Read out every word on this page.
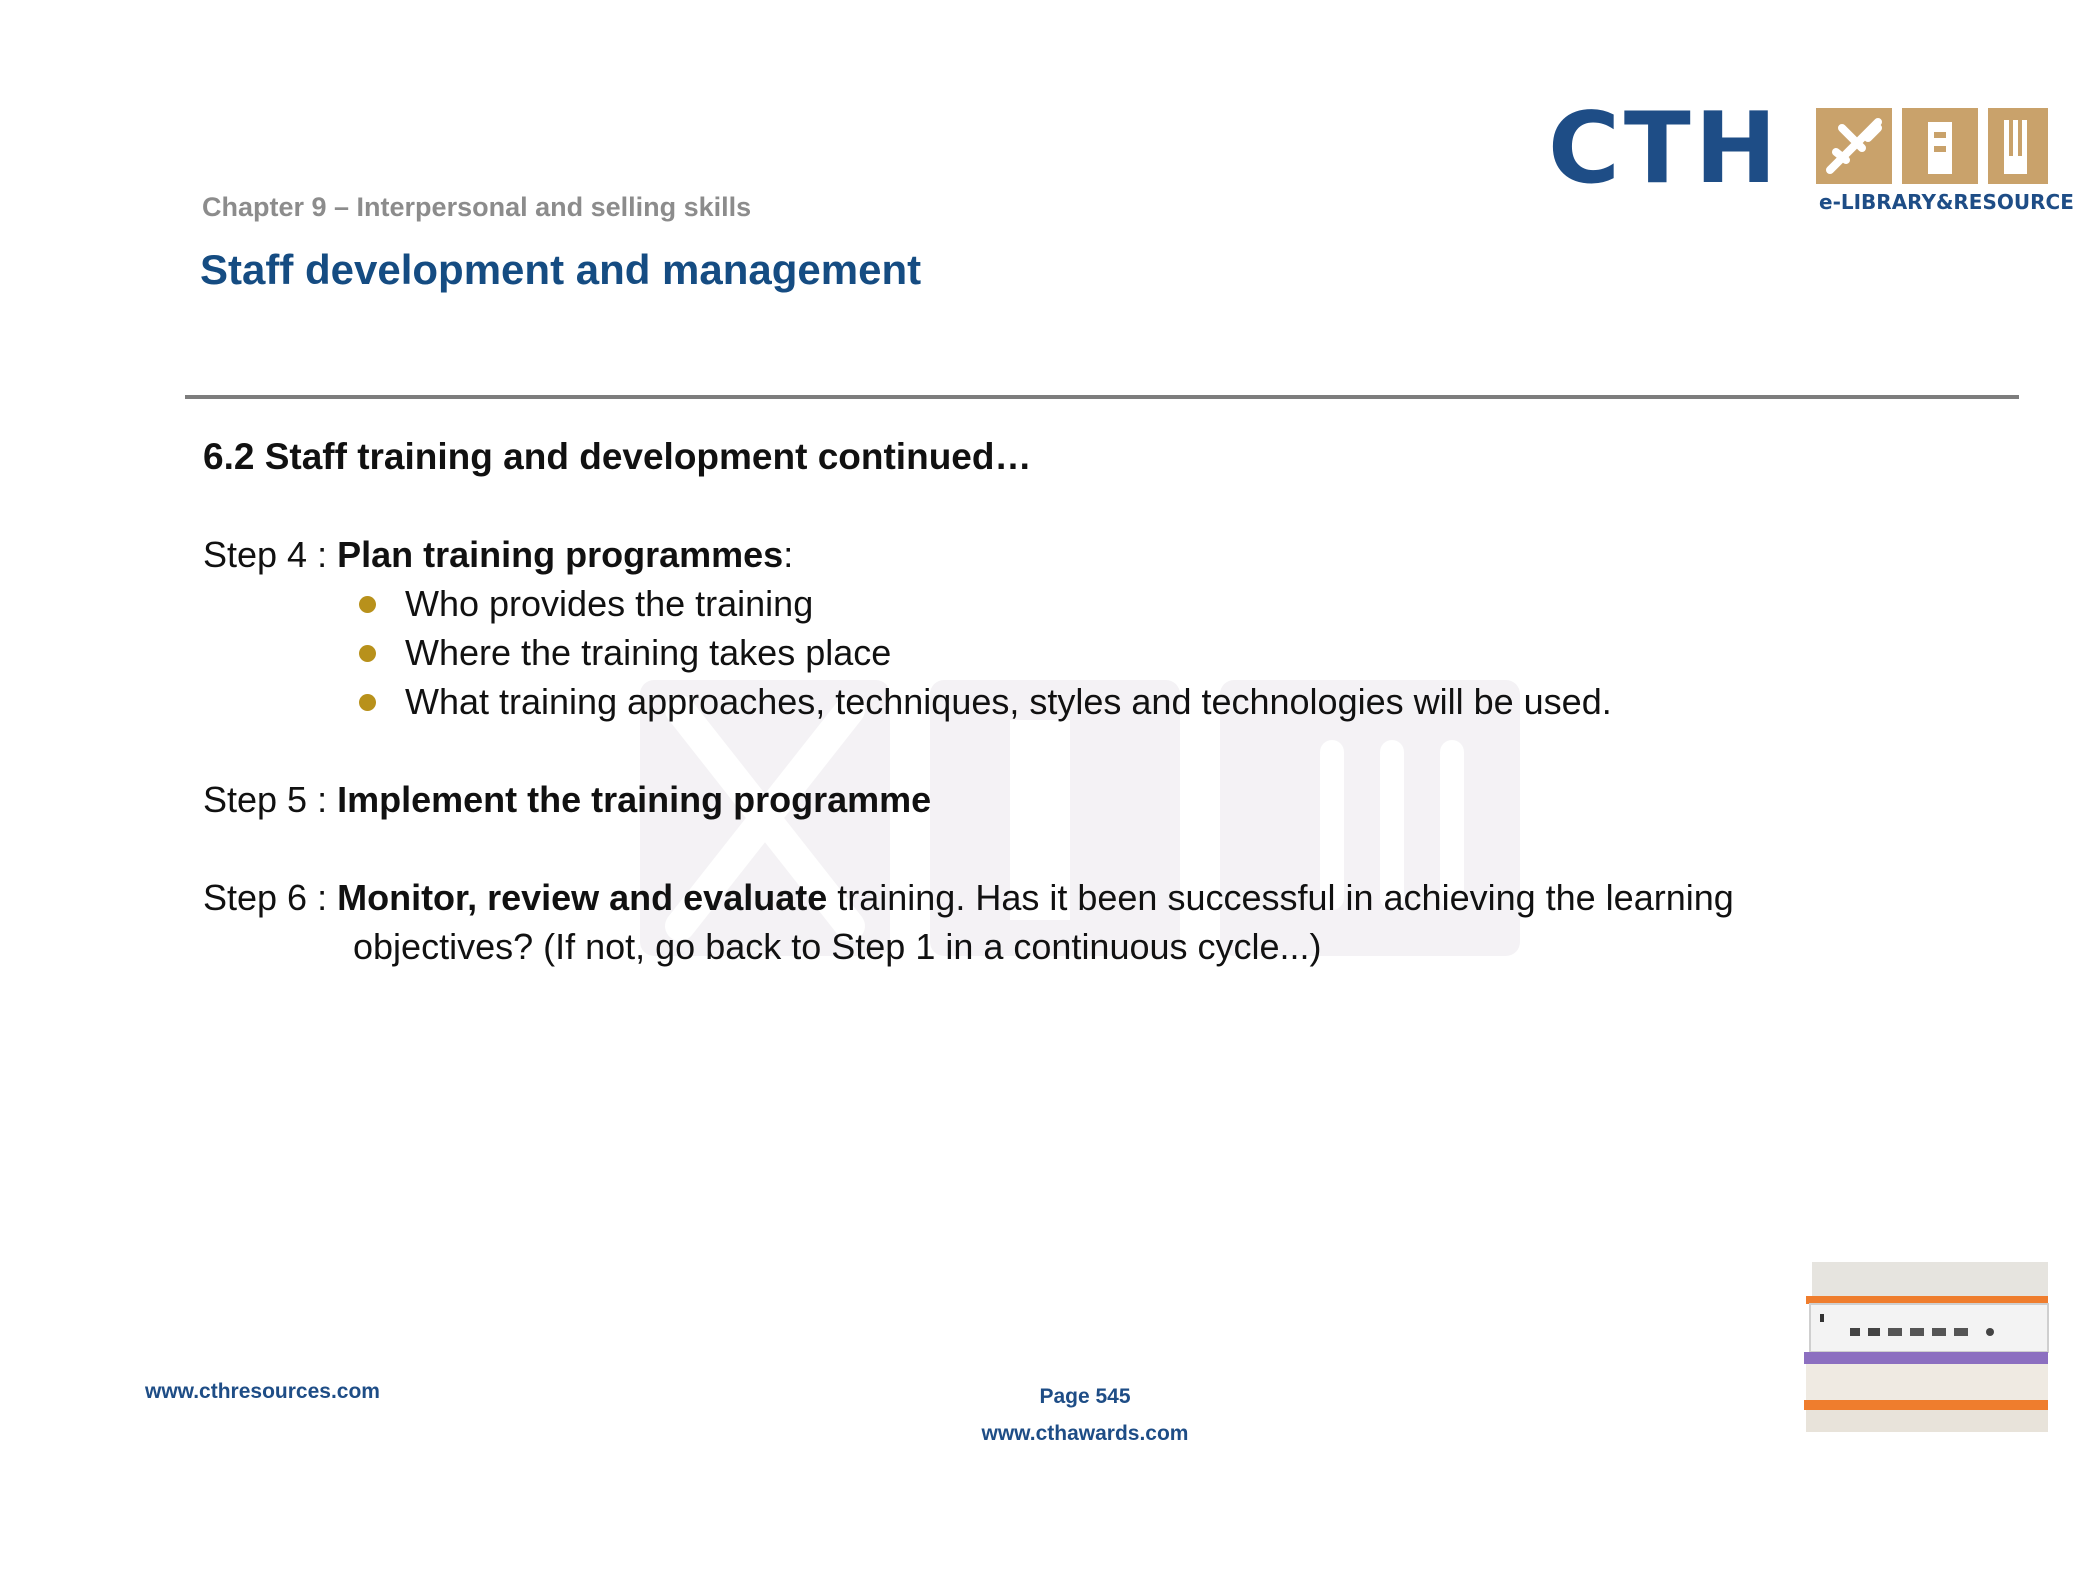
CTH e-LIBRARY&RESOURCE
Chapter 9 – Interpersonal and selling skills
Staff development and management
6.2 Staff training and development continued…
Step 4 : Plan training programmes:
Who provides the training
Where the training takes place
What training approaches, techniques, styles and technologies will be used.
Step 5 : Implement the training programme
Step 6 : Monitor, review and evaluate training. Has it been successful in achieving the learning
objectives? (If not, go back to Step 1 in a continuous cycle...)
www.cthresources.com	Page 545
www.cthawards.com
